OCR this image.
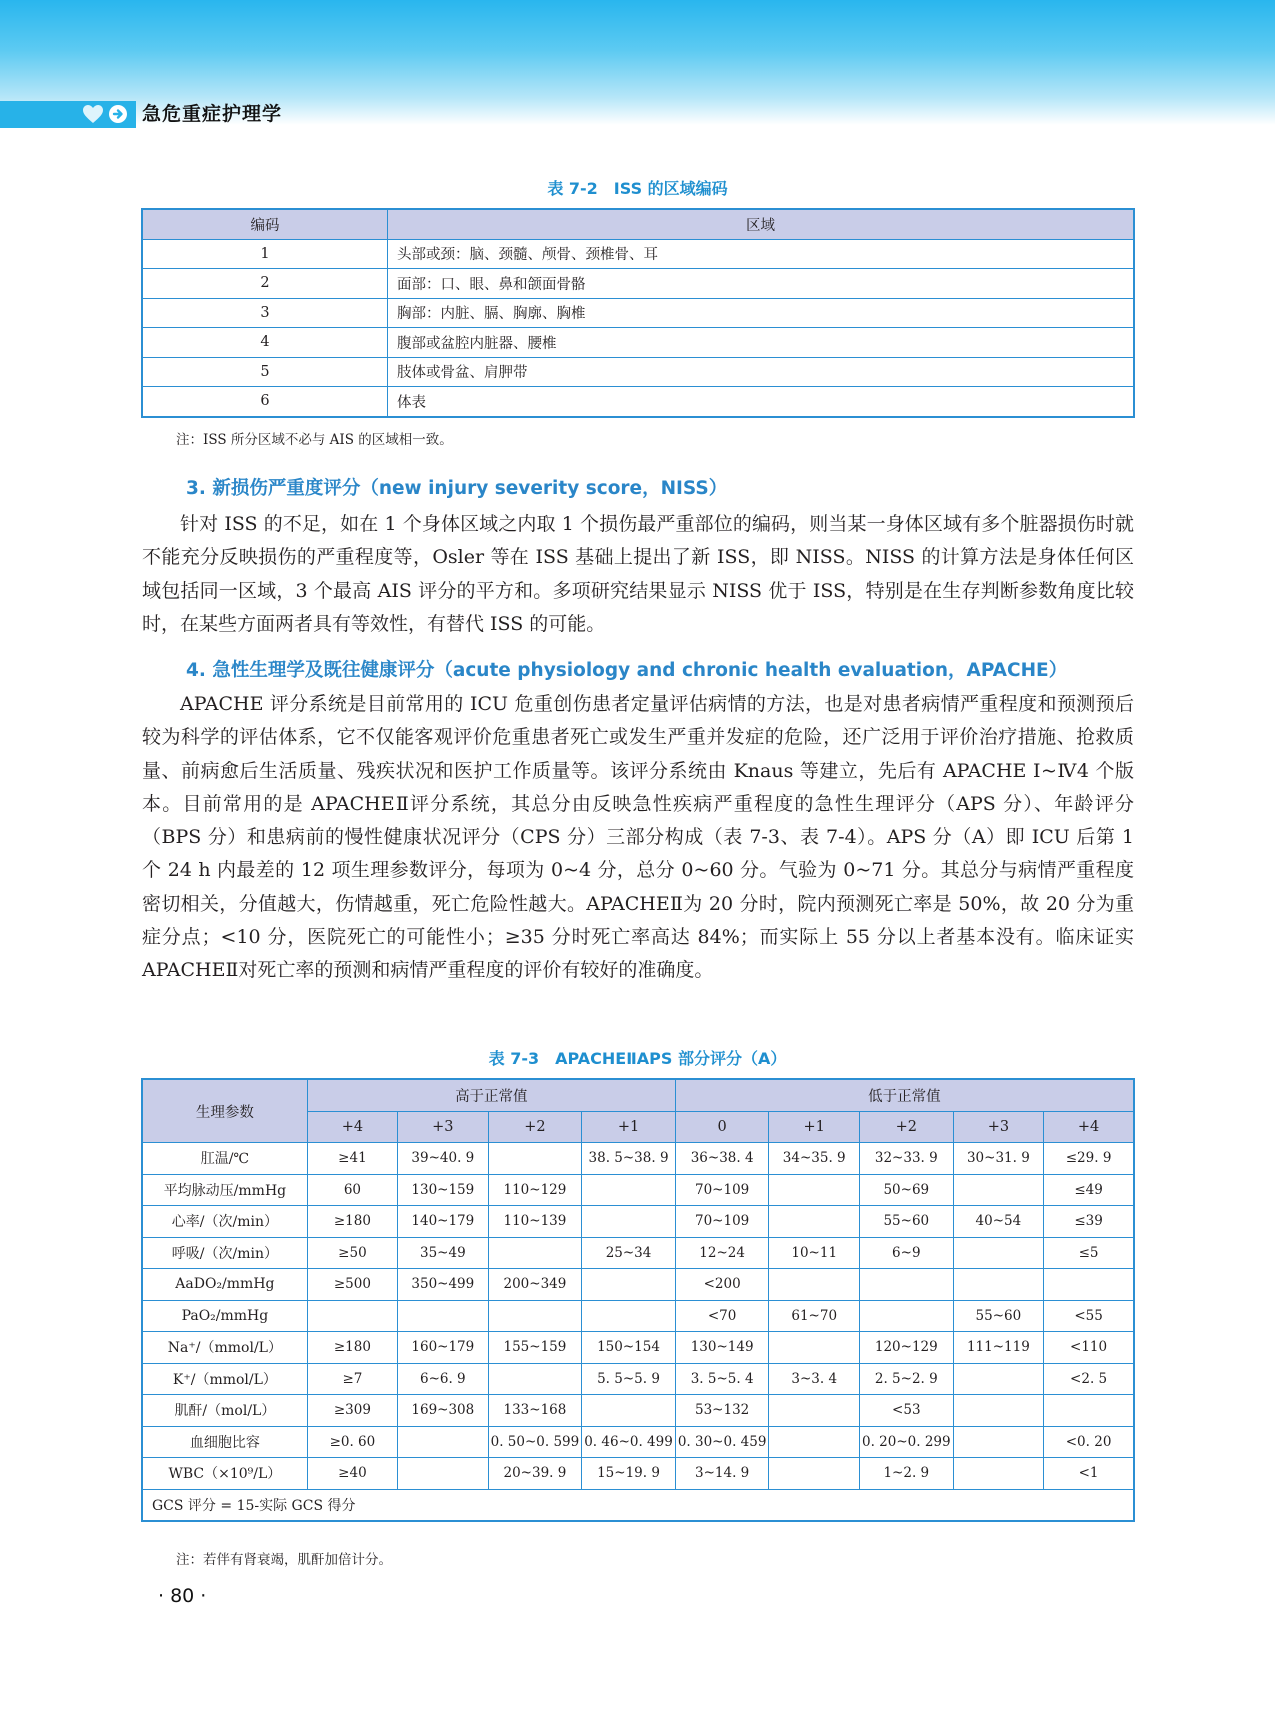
急危重症护理学
表 7-2　ISS 的区域编码
编码	区域
1	头部或颈：脑、颈髓、颅骨、颈椎骨、耳
2	面部：口、眼、鼻和颌面骨骼
3	胸部：内脏、膈、胸廓、胸椎
4	腹部或盆腔内脏器、腰椎
5	肢体或骨盆、肩胛带
6	体表
注：ISS 所分区域不必与 AIS 的区域相一致。
3. 新损伤严重度评分（new injury severity score，NISS）

针对 ISS 的不足，如在 1 个身体区域之内取 1 个损伤最严重部位的编码，则当某一身体区域有多个脏器损伤时就不能充分反映损伤的严重程度等，Osler 等在 ISS 基础上提出了新 ISS，即 NISS。NISS 的计算方法是身体任何区域包括同一区域，3 个最高 AIS 评分的平方和。多项研究结果显示 NISS 优于 ISS，特别是在生存判断参数角度比较时，在某些方面两者具有等效性，有替代 ISS 的可能。

4. 急性生理学及既往健康评分（acute physiology and chronic health evaluation，APACHE）

APACHE 评分系统是目前常用的 ICU 危重创伤患者定量评估病情的方法，也是对患者病情严重程度和预测预后较为科学的评估体系，它不仅能客观评价危重患者死亡或发生严重并发症的危险，还广泛用于评价治疗措施、抢救质量、前病愈后生活质量、残疾状况和医护工作质量等。该评分系统由 Knaus 等建立，先后有 APACHE Ⅰ~Ⅳ4 个版本。目前常用的是 APACHEⅡ评分系统，其总分由反映急性疾病严重程度的急性生理评分（APS 分）、年龄评分（BPS 分）和患病前的慢性健康状况评分（CPS 分）三部分构成（表 7-3、表 7-4）。APS 分（A）即 ICU 后第 1 个 24 h 内最差的 12 项生理参数评分，每项为 0~4 分，总分 0~60 分。气验为 0~71 分。其总分与病情严重程度密切相关，分值越大，伤情越重，死亡危险性越大。APACHEⅡ为 20 分时，院内预测死亡率是 50%，故 20 分为重症分点；<10 分，医院死亡的可能性小；≥35 分时死亡率高达 84%；而实际上 55 分以上者基本没有。临床证实 APACHEⅡ对死亡率的预测和病情严重程度的评价有较好的准确度。

表 7-3　APACHEⅡAPS 部分评分（A）
生理参数	高于正常值				低于正常值				
	+4	+3	+2	+1	0	+1	+2	+3	+4
肛温/℃	≥41	39~40. 9		38. 5~38. 9	36~38. 4	34~35. 9	32~33. 9	30~31. 9	≤29. 9
平均脉动压/mmHg	60	130~159	110~129		70~109		50~69		≤49
心率/（次/min）	≥180	140~179	110~139		70~109		55~60	40~54	≤39
呼吸/（次/min）	≥50	35~49		25~34	12~24	10~11	6~9		≤5
AaDO₂/mmHg	≥500	350~499	200~349		<200				
PaO₂/mmHg					<70	61~70		55~60	<55
Na⁺/（mmol/L）	≥180	160~179	155~159	150~154	130~149		120~129	111~119	<110
K⁺/（mmol/L）	≥7	6~6. 9		5. 5~5. 9	3. 5~5. 4	3~3. 4	2. 5~2. 9		<2. 5
肌酐/（mol/L）	≥309	169~308	133~168		53~132		<53		
血细胞比容	≥0. 60		0. 50~0. 599	0. 46~0. 499	0. 30~0. 459		0. 20~0. 299		<0. 20
WBC（×10⁹/L）	≥40		20~39. 9	15~19. 9	3~14. 9		1~2. 9		<1
GCS 评分 = 15-实际 GCS 得分									
注：若伴有肾衰竭，肌酐加倍计分。
· 80 ·
